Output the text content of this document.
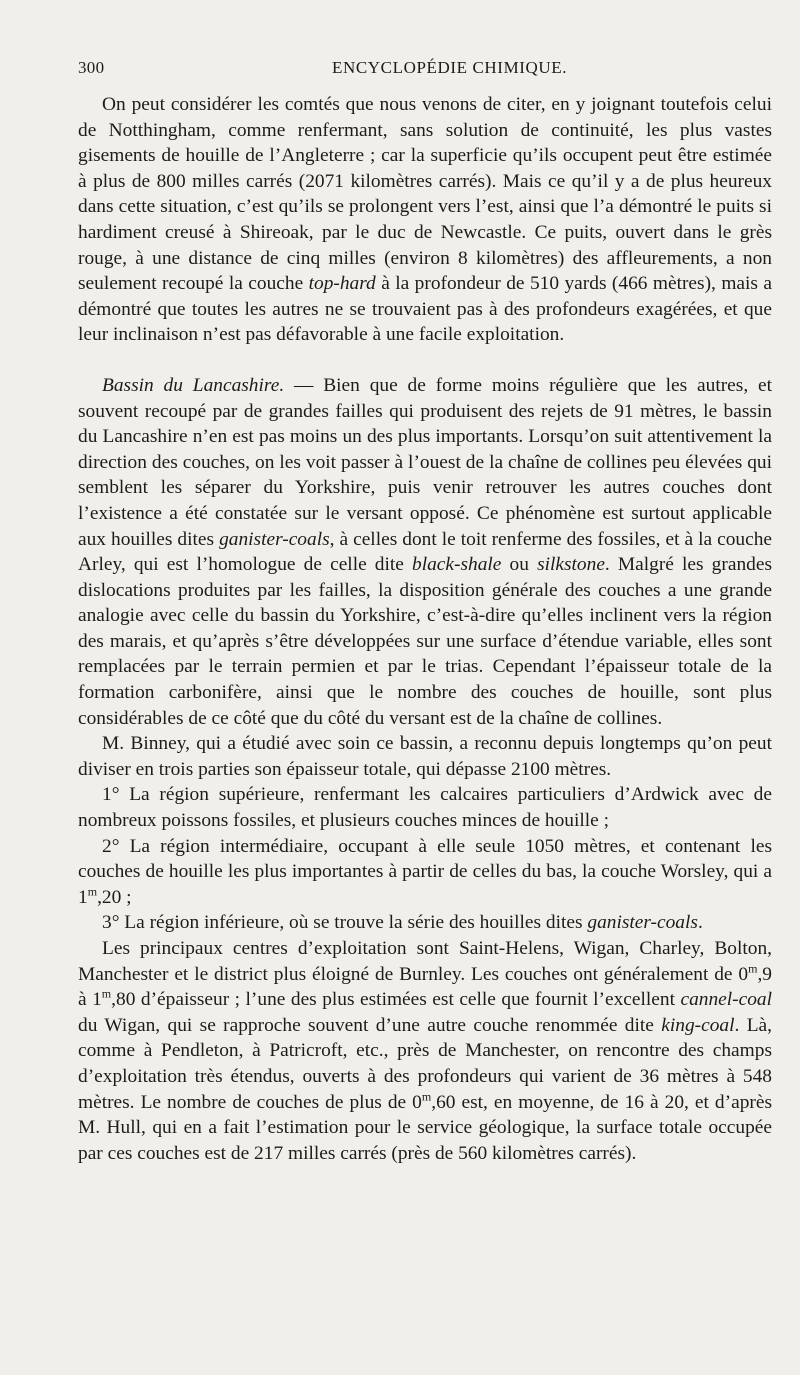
300	ENCYCLOPÉDIE CHIMIQUE.

On peut considérer les comtés que nous venons de citer, en y joignant toutefois celui de Notthingham, comme renfermant, sans solution de continuité, les plus vastes gisements de houille de l’Angleterre ; car la superficie qu’ils occupent peut être estimée à plus de 800 milles carrés (2071 kilomètres carrés). Mais ce qu’il y a de plus heureux dans cette situation, c’est qu’ils se prolongent vers l’est, ainsi que l’a démontré le puits si hardiment creusé à Shireoak, par le duc de Newcastle. Ce puits, ouvert dans le grès rouge, à une distance de cinq milles (environ 8 kilomètres) des affleurements, a non seulement recoupé la couche top-hard à la profondeur de 510 yards (466 mètres), mais a démontré que toutes les autres ne se trouvaient pas à des profondeurs exagérées, et que leur inclinaison n’est pas défavorable à une facile exploitation.

Bassin du Lancashire. — Bien que de forme moins régulière que les autres, et souvent recoupé par de grandes failles qui produisent des rejets de 91 mètres, le bassin du Lancashire n’en est pas moins un des plus importants. Lorsqu’on suit attentivement la direction des couches, on les voit passer à l’ouest de la chaîne de collines peu élevées qui semblent les séparer du Yorkshire, puis venir retrouver les autres couches dont l’existence a été constatée sur le versant opposé. Ce phénomène est surtout applicable aux houilles dites ganister-coals, à celles dont le toit renferme des fossiles, et à la couche Arley, qui est l’homologue de celle dite black-shale ou silkstone. Malgré les grandes dislocations produites par les failles, la disposition générale des couches a une grande analogie avec celle du bassin du Yorkshire, c’est-à-dire qu’elles inclinent vers la région des marais, et qu’après s’être développées sur une surface d’étendue variable, elles sont remplacées par le terrain permien et par le trias. Cependant l’épaisseur totale de la formation carbonifère, ainsi que le nombre des couches de houille, sont plus considérables de ce côté que du côté du versant est de la chaîne de collines.

M. Binney, qui a étudié avec soin ce bassin, a reconnu depuis longtemps qu’on peut diviser en trois parties son épaisseur totale, qui dépasse 2100 mètres.

1° La région supérieure, renfermant les calcaires particuliers d’Ardwick avec de nombreux poissons fossiles, et plusieurs couches minces de houille ;

2° La région intermédiaire, occupant à elle seule 1050 mètres, et contenant les couches de houille les plus importantes à partir de celles du bas, la couche Worsley, qui a 1$^m$,20 ;

3° La région inférieure, où se trouve la série des houilles dites ganister-coals.

Les principaux centres d’exploitation sont Saint-Helens, Wigan, Charley, Bolton, Manchester et le district plus éloigné de Burnley. Les couches ont généralement de 0$^m$,9 à 1$^m$,80 d’épaisseur ; l’une des plus estimées est celle que fournit l’excellent cannel-coal du Wigan, qui se rapproche souvent d’une autre couche renommée dite king-coal. Là, comme à Pendleton, à Patricroft, etc., près de Manchester, on rencontre des champs d’exploitation très étendus, ouverts à des profondeurs qui varient de 36 mètres à 548 mètres. Le nombre de couches de plus de 0$^m$,60 est, en moyenne, de 16 à 20, et d’après M. Hull, qui en a fait l’estimation pour le service géologique, la surface totale occupée par ces couches est de 217 milles carrés (près de 560 kilomètres carrés).
